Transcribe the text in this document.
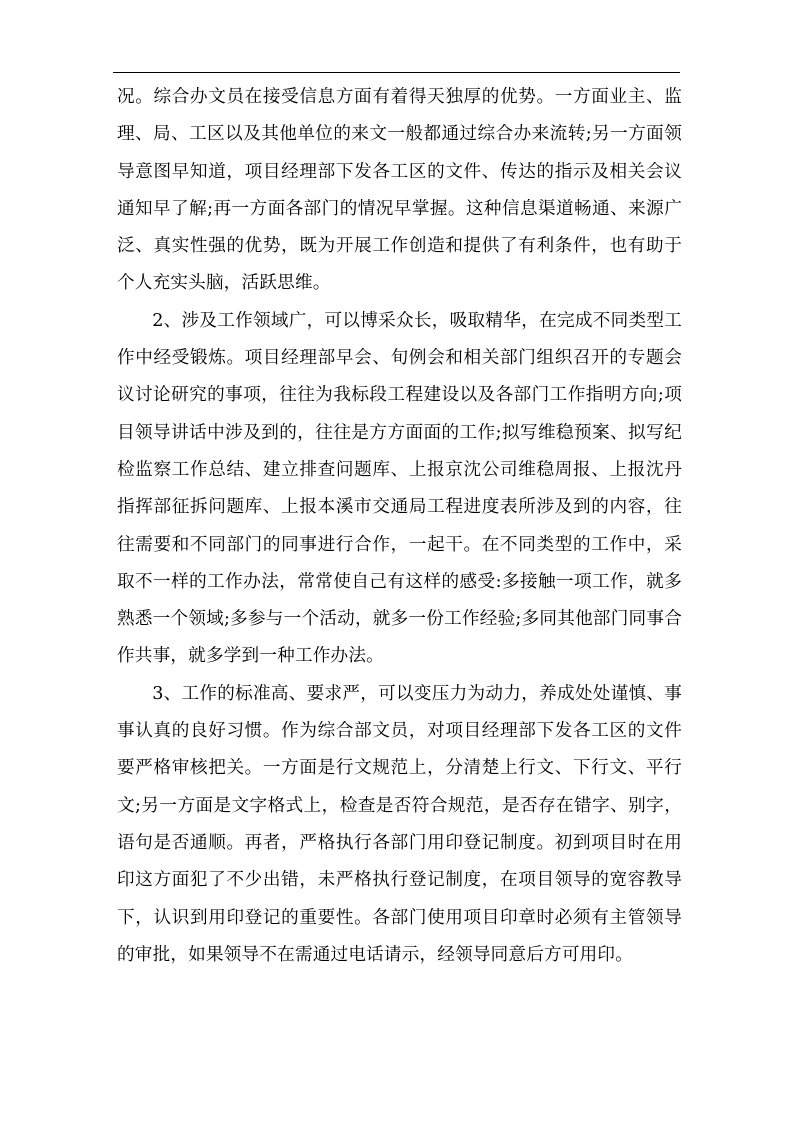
况。综合办文员在接受信息方面有着得天独厚的优势。一方面业主、监理、局、工区以及其他单位的来文一般都通过综合办来流转;另一方面领导意图早知道，项目经理部下发各工区的文件、传达的指示及相关会议通知早了解;再一方面各部门的情况早掌握。这种信息渠道畅通、来源广泛、真实性强的优势，既为开展工作创造和提供了有利条件，也有助于个人充实头脑，活跃思维。

2、涉及工作领域广，可以博采众长，吸取精华，在完成不同类型工作中经受锻炼。项目经理部早会、旬例会和相关部门组织召开的专题会议讨论研究的事项，往往为我标段工程建设以及各部门工作指明方向;项目领导讲话中涉及到的，往往是方方面面的工作;拟写维稳预案、拟写纪检监察工作总结、建立排查问题库、上报京沈公司维稳周报、上报沈丹指挥部征拆问题库、上报本溪市交通局工程进度表所涉及到的内容，往往需要和不同部门的同事进行合作，一起干。在不同类型的工作中，采取不一样的工作办法，常常使自己有这样的感受:多接触一项工作，就多熟悉一个领域;多参与一个活动，就多一份工作经验;多同其他部门同事合作共事，就多学到一种工作办法。

3、工作的标准高、要求严，可以变压力为动力，养成处处谨慎、事事认真的良好习惯。作为综合部文员，对项目经理部下发各工区的文件要严格审核把关。一方面是行文规范上，分清楚上行文、下行文、平行文;另一方面是文字格式上，检查是否符合规范，是否存在错字、别字，语句是否通顺。再者，严格执行各部门用印登记制度。初到项目时在用印这方面犯了不少出错，未严格执行登记制度，在项目领导的宽容教导下，认识到用印登记的重要性。各部门使用项目印章时必须有主管领导的审批，如果领导不在需通过电话请示，经领导同意后方可用印。
